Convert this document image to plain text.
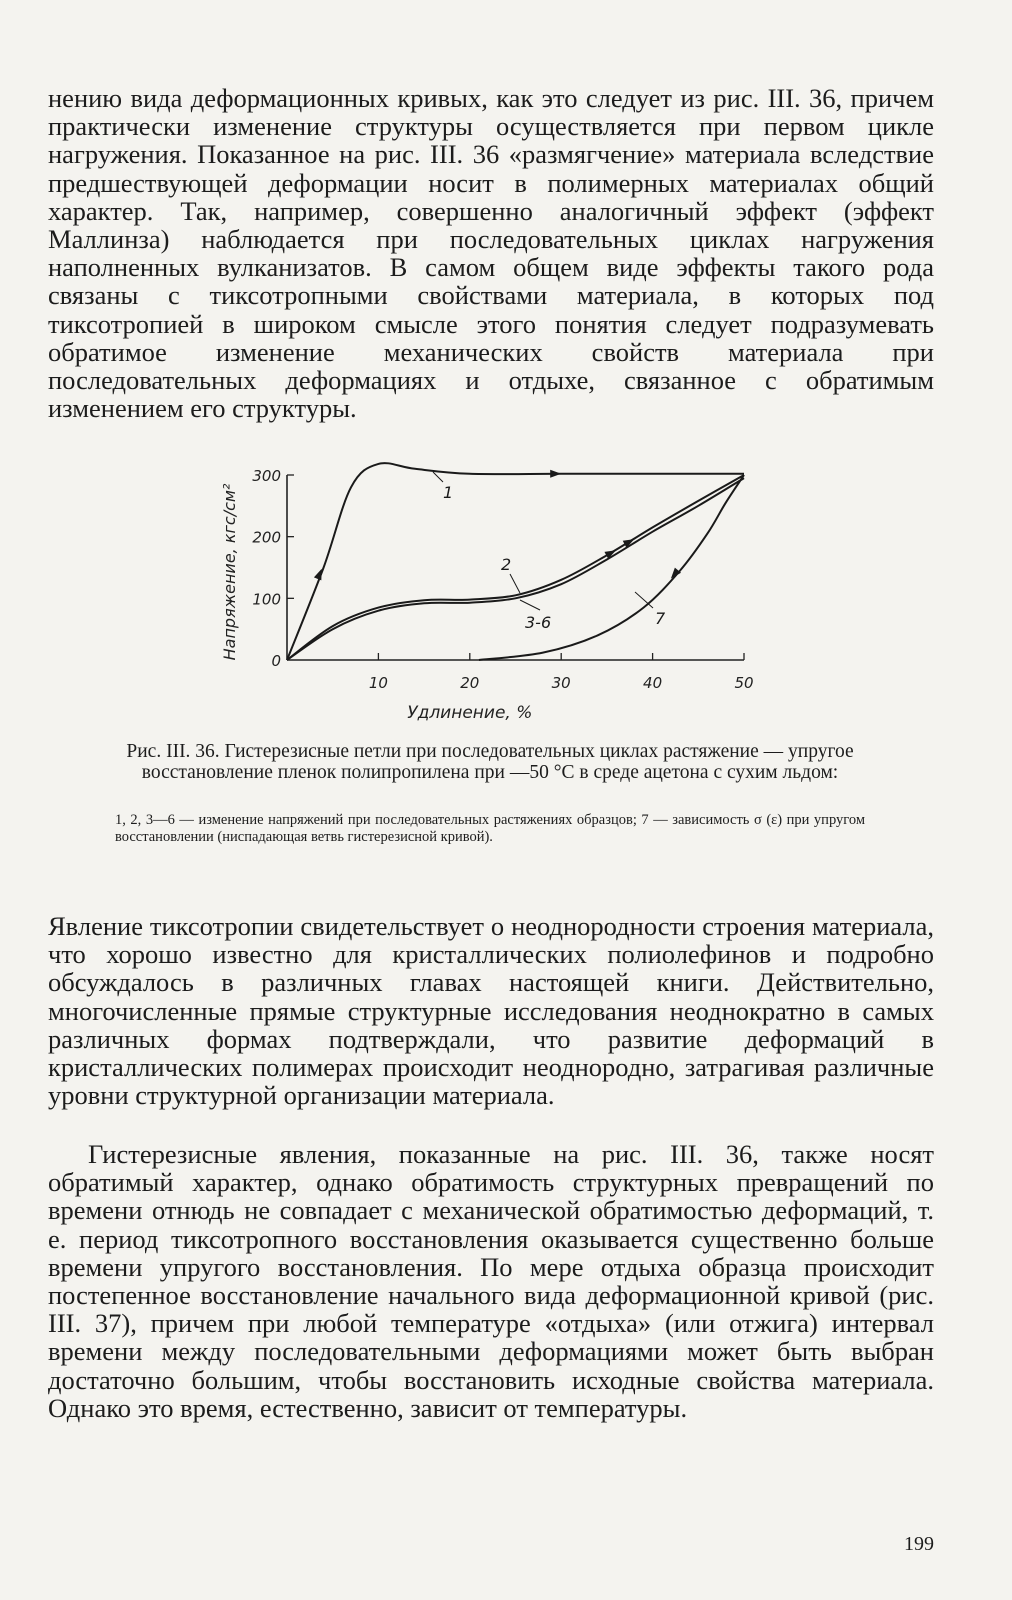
нению вида деформационных кривых, как это следует из рис. III. 36, причем практически изменение структуры осуществляется при первом цикле нагружения. Показанное на рис. III. 36 «размягчение» материала вследствие предшествующей деформации носит в полимерных материалах общий характер. Так, например, совершенно аналогичный эффект (эффект Маллинза) наблюдается при последовательных циклах нагружения наполненных вулканизатов. В самом общем виде эффекты такого рода связаны с тиксотропными свойствами материала, в которых под тиксотропией в широком смысле этого понятия следует подразумевать обратимое изменение механических свойств материала при последовательных деформациях и отдыхе, связанное с обратимым изменением его структуры.

10	20	30	40	50
0
100
200
300
Удлинение, %
Напряжение, кгс/см²	1
2
3-6	7
Рис. III. 36. Гистерезисные петли при последовательных циклах растяжение — упругое восстановление пленок полипропилена при —50 °С в среде ацетона с сухим льдом:
1, 2, 3—6 — изменение напряжений при последовательных растяжениях образцов; 7 — зависимость σ (ε) при упругом восстановлении (ниспадающая ветвь гистерезисной кривой).

Явление тиксотропии свидетельствует о неоднородности строения материала, что хорошо известно для кристаллических полиолефинов и подробно обсуждалось в различных главах настоящей книги. Действительно, многочисленные прямые структурные исследования неоднократно в самых различных формах подтверждали, что развитие деформаций в кристаллических полимерах происходит неоднородно, затрагивая различные уровни структурной организации материала.

Гистерезисные явления, показанные на рис. III. 36, также носят обратимый характер, однако обратимость структурных превращений по времени отнюдь не совпадает с механической обратимостью деформаций, т. е. период тиксотропного восстановления оказывается существенно больше времени упругого восстановления. По мере отдыха образца происходит постепенное восстановление начального вида деформационной кривой (рис. III. 37), причем при любой температуре «отдыха» (или отжига) интервал времени между последовательными деформациями может быть выбран достаточно большим, чтобы восстановить исходные свойства материала. Однако это время, естественно, зависит от температуры.

199
